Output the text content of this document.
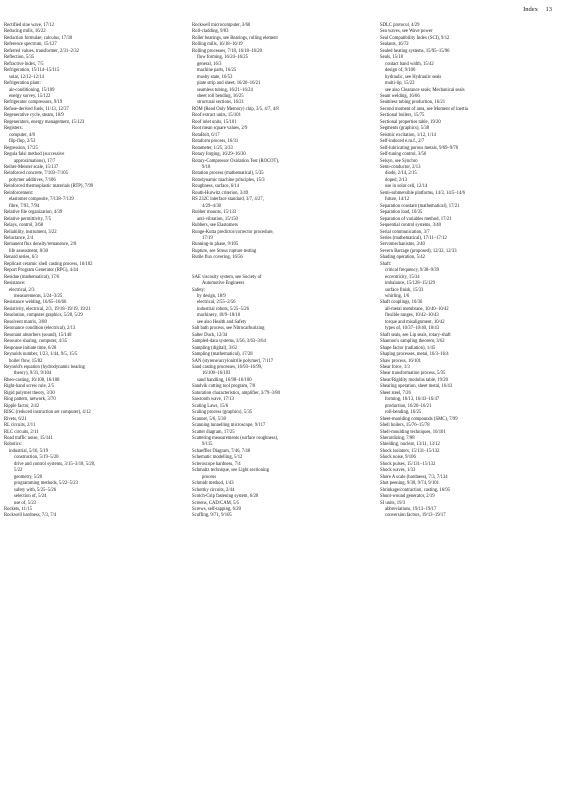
Index 13
Rectified sine wave, 17/12
Reducing mills, 16/22
Reduction formulae, calculus, 17/30
Reference spectrum, 15/127
Referred values, transformer, 2/31–2/32
Reflection, 5/35
Refractive index, 7/5
Refrigeration, 15/114–15/115
solar, 12/12–12/14
Refrigeration plant:
air-conditioning, 15/109
energy survey, 15/122
Refrigerator compressors, 9/19
Refuse-derived fuels, 11/13, 12/37
Regenerative cycle, steam, 10/9
Regenerators, energy management, 15/123
Registers:
computer, 4/8
flip-flop, 2/53
Regression, 17/25
Regula falsi method (successive
approximations), 17/7
Reiher-Meister scale, 15/137
Reinforced concrete, 7/103–7/105
polymer additives, 7/106
Reinforced thermoplastic materials (RTP), 7/99
Reinforcement:
elastomer composite, 7/138–7/139
fibre, 7/93, 7/94
Relative file organization, 4/39
Relative permittivity, 7/5
Relays, control, 3/68
Reliability, instrument, 3/22
Reluctance, 2/4
Remanent flux density/remanence, 2/8
life assessment, 8/30
Renard series, 6/3
Replicast ceramic shell casting process, 16/102
Report Program Generator (RPG), 4/44
Residue (mathematical), 17/6
Resistance:
electrical, 2/3
measurements, 3/24–3/25
Resistance welding, 16/65–16/66
Resistivity, electrical, 2/3, 19/18–19/19, 19/21
Resolution, computer graphics, 5/28, 5/29
Resolvent matrix, 3/80
Resonance condition (electrical), 2/13
Resonant absorbers (sound), 15/148
Resource sharing, computer, 4/35
Response initiate time, 6/28
Reynolds number, 1/23, 1/44, 9/5, 15/5
boiler flow, 15/82
Reynold's equation (hydrodynamic bearing
theory), 9/31, 9/104
Rheo-casting, 16/108, 16/108
Right-hand screw rule, 2/5
Rigid polymer theory, 3/30
Ring pattern, network, 3/70
Ripple factor, 2/42
RISC (reduced instruction set computer), 4/12
Rivets, 6/21
RL circuits, 2/11
RLC circuits, 2/11
Road traffic noise, 15/141
Robotics:
industrial, 5/16, 5/19
construction, 5/19–5/20
drive and control systems, 3/15–3/18, 5/20,
5/22
geometry, 5/20
programming methods, 5/22–5/23
safety with, 5/25–5/26
selection of, 5/24
use of, 5/23
Rockets, 11/15
Rockwell hardness, 7/3, 7/4
Rockwell microcomputer, 3/60
Roll-cladding, 9/83
Roller bearings, see Bearings, rolling element
Rolling mills, 16/18–16/19
Rolling processes, 7/18, 16/18–16/20
flow forming, 16/24–16/25
general, 16/3
machine parts, 16/25
mushy state, 16/53
plate strip and sheet, 16/20–16/21
seamless tubing, 16/21–16/24
sheet roll bending, 16/25
structural sections, 16/21
ROM (Read Only Memory) chip, 3/5, 4/7, 4/8
Roof extract units, 15/101
Roof inlet units, 15/101
Root mean square values, 2/9
RotaBolt, 6/17
Rotaform process, 16/31
Rotameter, 1/25, 3/33
Rotary forging, 16/29–16/30
Rotary-Compressor Oxidation Test (ROCOT),
9/18
Rotation process (mathematical), 5/35
Rotodynamic machine principles, 15/3
Roughness, surface, 6/14
Routh-Hurwitz criterion, 3/49
RS 232C interface standard, 3/7, 4/27,
4/29–4/30
Rubber mounts, 15/133
anti-vibration, 15/150
Rubbers, see Elastomers
Runge-Kutta predictor/corrector procedure,
17/19
Running-in phase, 9/105
Rupture, see Stress rupture testing
Rutile flux covering, 16/56
SAE viscosity system, see Society of
Automotive Engineers
Safety:
by design, 18/9
electrical, 2/55–2/56
industrial robots, 5/25–5/26
machinery, 18/9–18/10
see also Health and Safety
Salt bath process, see Nitrocarburizing
Salter Duck, 12/34
Sampled-data systems, 3/56, 3/63–3/64
Sampling (digital), 3/62
Sampling (mathematical), 17/28
SAN (styrene/acrylonitrile polymer), 7/117
Sand casting processes, 16/93–16/99,
16/100–16/103
sand handling, 16/98–16/100
Sandvik cutting tool program, 7/8
Saturation characteristics, amplifier, 3/79–3/80
Sawtooth wave, 17/13
Scaling Laws, 15/6
Scaling process (graphics), 5/35
Scanner, 5/6, 5/30
Scanning tunnelling microscope, 9/117
Scatter diagram, 17/25
Scattering measurements (surface roughness),
9/115
Schaeffler Diagram, 7/46, 7/48
Schematic modelling, 5/12
Scleroscope hardness, 7/4
Schmaltz technique, see Light sectioning
process
Schmidt method, 1/43
Schottky circuits, 2/44
Scotch-Grip fastening system, 6/20
Screens, CAD/CAM, 5/5
Screws, self-tapping, 6/20
Scuffing, 9/71, 9/105
SDLC protocol, 4/29
Sea waves, see Wave power
Seal Compatibility Index (SCI), 9/12
Sealants, 16/72
Sealed heating systems, 15/95–15/96
Seals, 15/18
contact band width, 15/42
design of, 9/106
hydraulic, see Hydraulic seals
multi-lip, 15/23
see also Clearance seals; Mechanical seals
Seam welding, 16/66
Seamless tubing production, 16/21
Second moment of area, see Moment of inertia
Sectional boilers, 15/75
Sectional properties table, 19/20
Segments (graphics), 5/38
Seismic excitation, 1/12, 1/14
Self-induced e.m.f., 2/7
Self-lubricating porous metals, 9/69–9/70
Self-tuning control, 3/56
Selsyn, see Synchro
Semi-conductor, 2/13
diode, 2/14, 2/15
doped, 2/13
use in solar cell, 12/14
Semi-submersible platforms, 14/3, 14/5–14/6
future, 14/12
Separation constant (mathematical), 17/21
Separation load, 10/35
Separation of variables method, 17/21
Sequential control systems, 3/40
Serial communication, 3/7
Series (mathematical), 17/11–17/12
Servomechanisms, 3/40
Severn Barrage (proposed), 12/32, 12/33
Shading operation, 5/42
Shaft:
critical frequency, 9/38–9/39
eccentricity, 15/34
imbalance, 15/128–15/129
surface finish, 15/33
whirling, 1/6
Shaft couplings, 10/36
all-metal membrane, 10/40–10/42
flexible ranges, 10/42–10/43
torque and misalignment, 10/42
types of, 10/37–10/40, 10/43
Shaft seals, see Lip seals, rotary-shaft
Shannon's sampling theorem, 3/62
Shape factor (radiation), 1/45
Shaping processes, metal, 16/3–16/4
Shaw process, 16/101
Shear force, 1/3
Shear transformation process, 5/35
Shear/Rigidity modulus table, 19/20
Shearing operation, sheet metal, 16/43
Sheet steel, 7/26
forming, 16/13, 16/43–16/47
production, 16/20–16/21
roll-bending, 16/25
Sheet-moulding compounds (SMC), 7/99
Shell boilers, 15/76–15/78
Shell-moulding techniques, 16/101
Sherardizing, 7/88
Shielding, nuclear, 13/11, 13/12
Shock isolators, 15/131–15/132
Shock noise, 9/106
Shock pulses, 15/131–15/132
Shock waves, 1/33
Shore A scale (hardness), 7/3, 7/134
Shot peening, 9/38, 9/74, 9/101
Shrinkage/contraction, casting, 16/95
Shunt-wound generator, 2/19
SI units, 19/3
abbreviations, 19/13–19/17
conversion factors, 19/13–19/17
